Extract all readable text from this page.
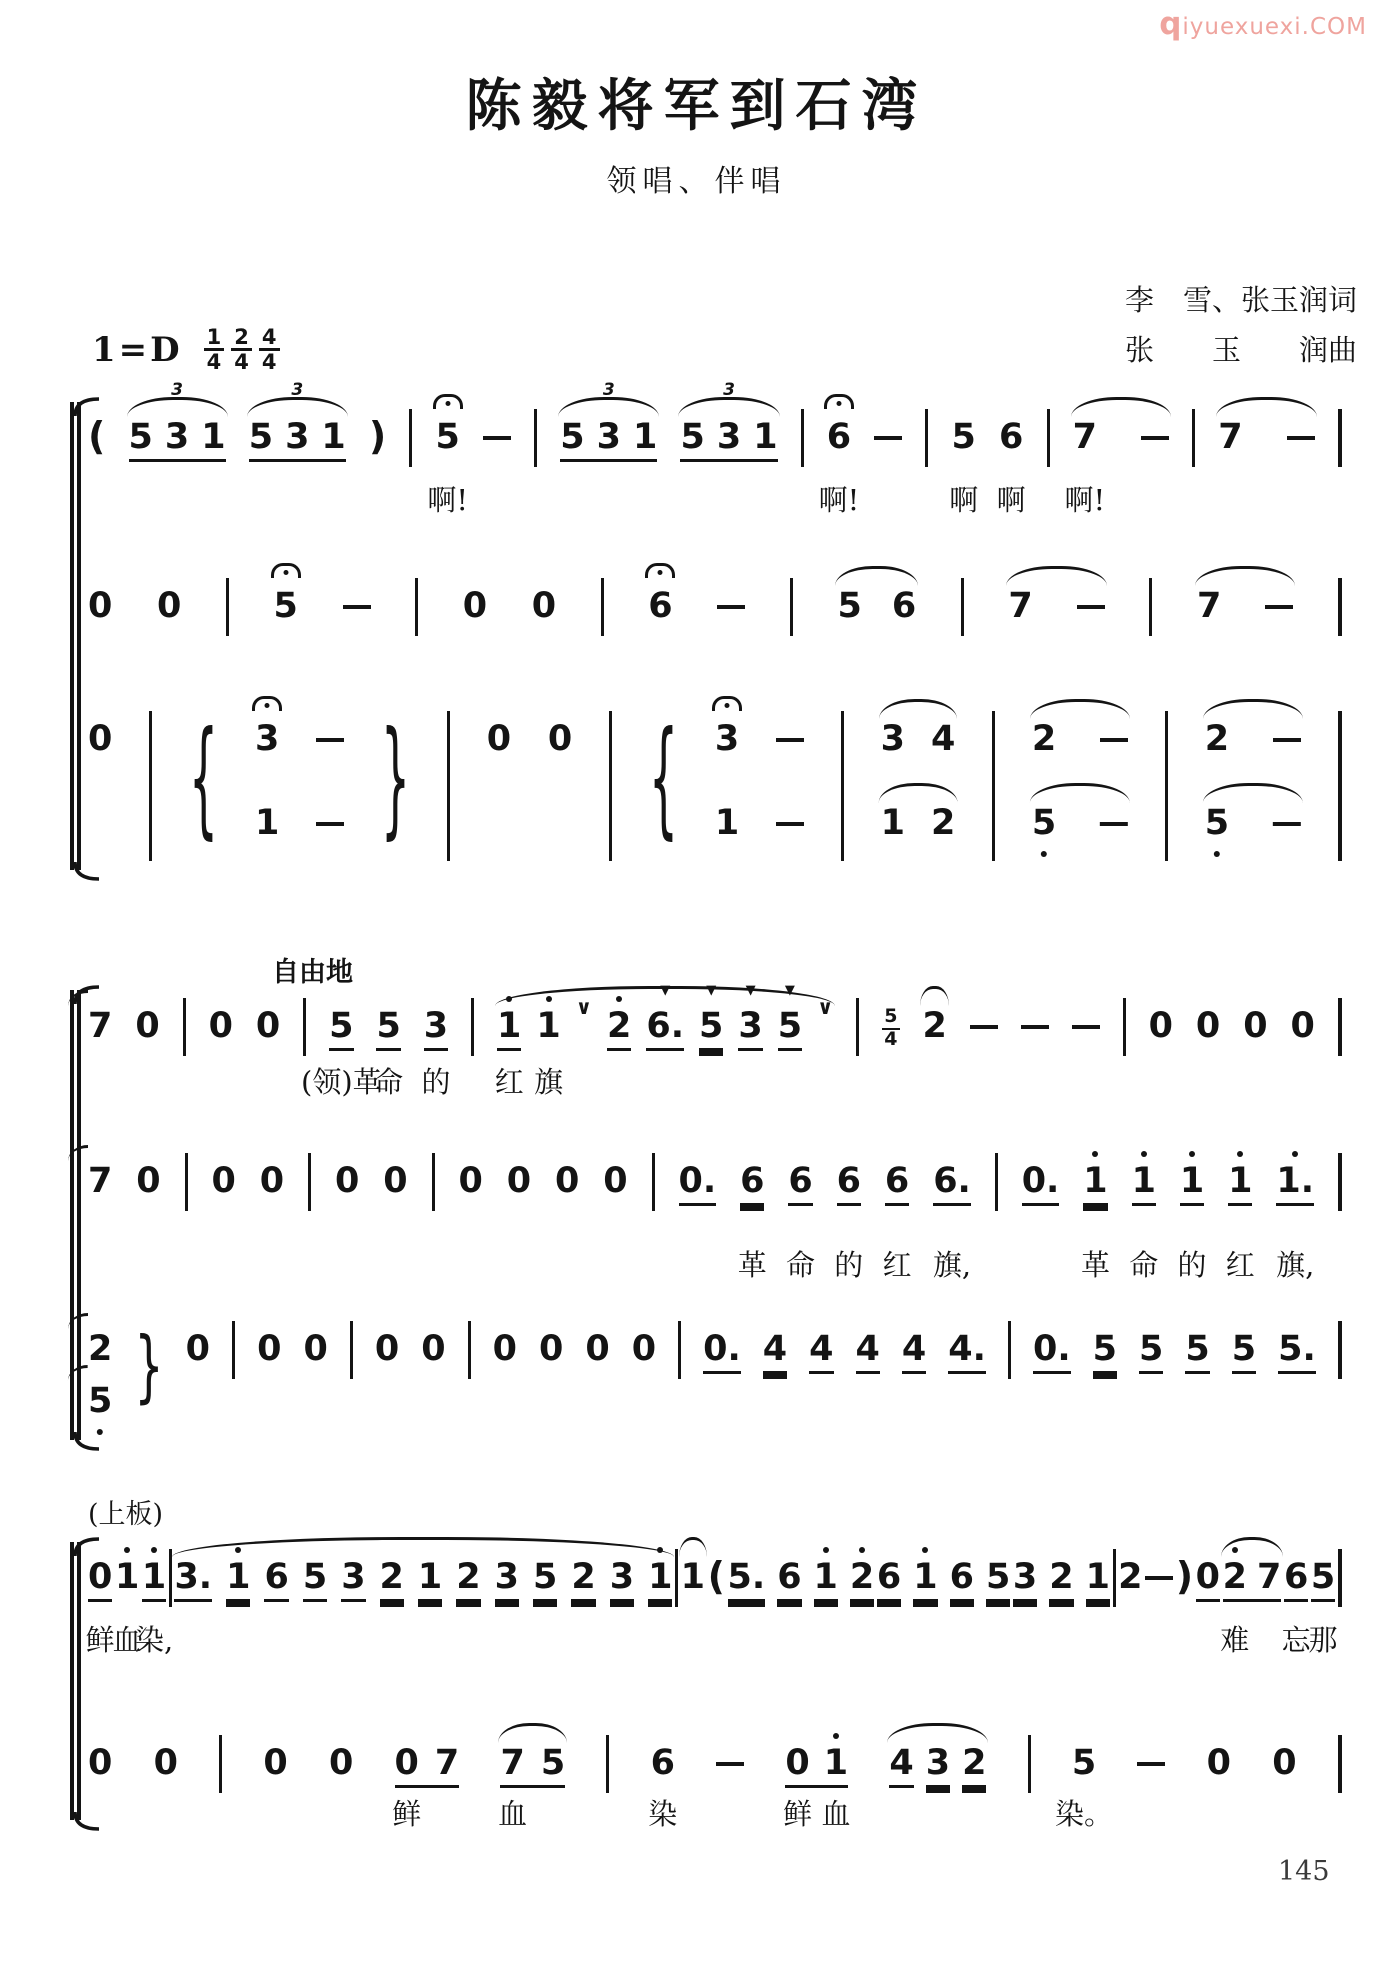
qiyuexuexi.COM
陈毅将军到石湾
领唱、伴唱
$1=D \frac{1}{4} \frac{2}{4} \frac{4}{4}$
李　雪、张玉润词
张　　玉　　润曲
自由地
(上板)
(
3
5 3 1
3
5 3 1 ) 5
啊!
3
5 3 1
3
5 3 1 6
啊!
5
啊
6
啊
7
啊!
7
0 0	5	0 0	6	5 6	7	7
0 { 3
1 } 0 0 { 3
1
3 4
1 2
2
5
2
5
7 0 0 0 5
(领)革
5
命
3
的
1
红
1
旗
∨ 2
▼
6.
▼
5
▼
3
▼
5 ∨	$\frac{5}{4} 2$	0 0 0 0
7 0 0 0 0 0 0 0 0 0 0. 6
革
6
命
6
的
6
红
6.
旗,
0. 1
革
1
命
1
的
1
红
1.
旗,
2
5 } 0 0 0 0 0 0 0 0 0 0. 4 4 4 4 4. 0. 5 5 5 5 5.
0
鲜
1
血
1
染,
3. 1 6 5 3 2 1 2 3 5 2 3 1 1 ( 5. 6 1 2 6 1 6 5 3 2 1 2 ) 0 2
难
7 6
忘
5
那
0 0 0 0 0
鲜
7 7
血
5 6
染
0
鲜
1
血
4 3 2 5
染。
0 0
145
